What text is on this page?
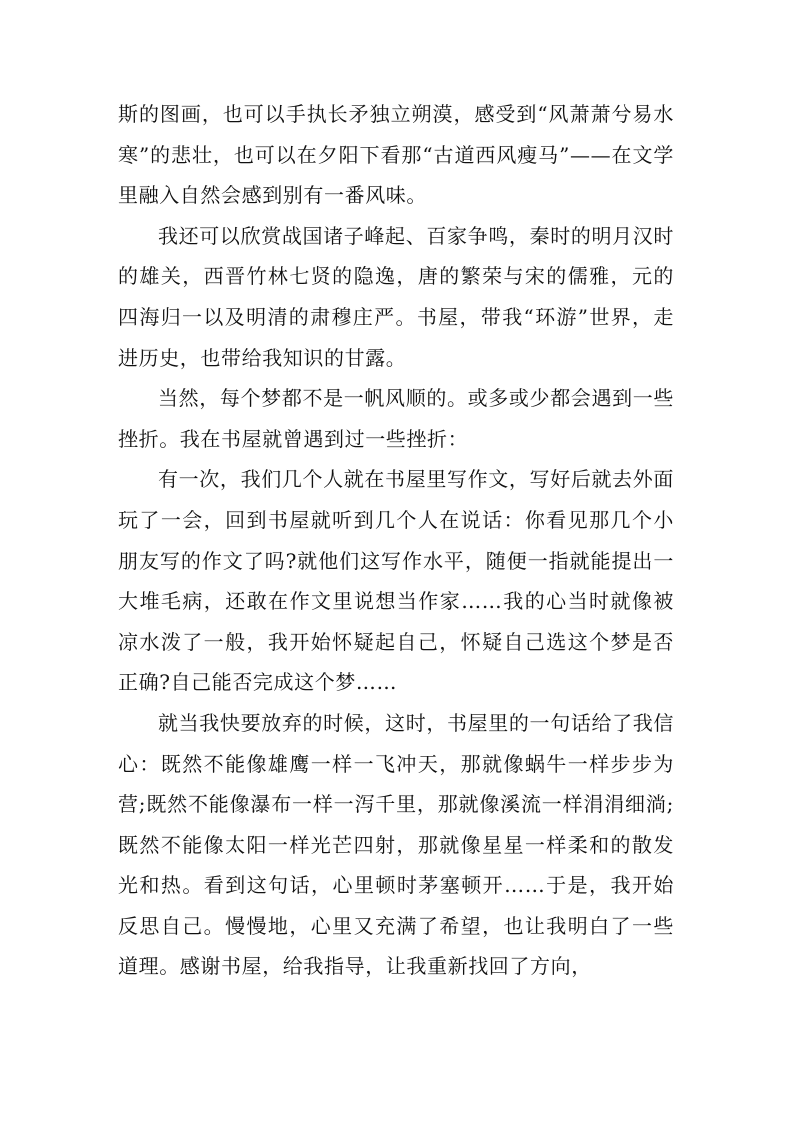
斯的图画，也可以手执长矛独立朔漠，感受到“风萧萧兮易水寒”的悲壮，也可以在夕阳下看那“古道西风瘦马”——在文学里融入自然会感到别有一番风味。

我还可以欣赏战国诸子峰起、百家争鸣，秦时的明月汉时的雄关，西晋竹林七贤的隐逸，唐的繁荣与宋的儒雅，元的四海归一以及明清的肃穆庄严。书屋，带我“环游”世界，走进历史，也带给我知识的甘露。

当然，每个梦都不是一帆风顺的。或多或少都会遇到一些挫折。我在书屋就曾遇到过一些挫折：

有一次，我们几个人就在书屋里写作文，写好后就去外面玩了一会，回到书屋就听到几个人在说话：你看见那几个小朋友写的作文了吗?就他们这写作水平，随便一指就能提出一大堆毛病，还敢在作文里说想当作家……我的心当时就像被凉水泼了一般，我开始怀疑起自己，怀疑自己选这个梦是否正确?自己能否完成这个梦……

就当我快要放弃的时候，这时，书屋里的一句话给了我信心：既然不能像雄鹰一样一飞冲天，那就像蜗牛一样步步为营;既然不能像瀑布一样一泻千里，那就像溪流一样涓涓细淌;既然不能像太阳一样光芒四射，那就像星星一样柔和的散发光和热。看到这句话，心里顿时茅塞顿开……于是，我开始反思自己。慢慢地，心里又充满了希望，也让我明白了一些道理。感谢书屋，给我指导，让我重新找回了方向，
